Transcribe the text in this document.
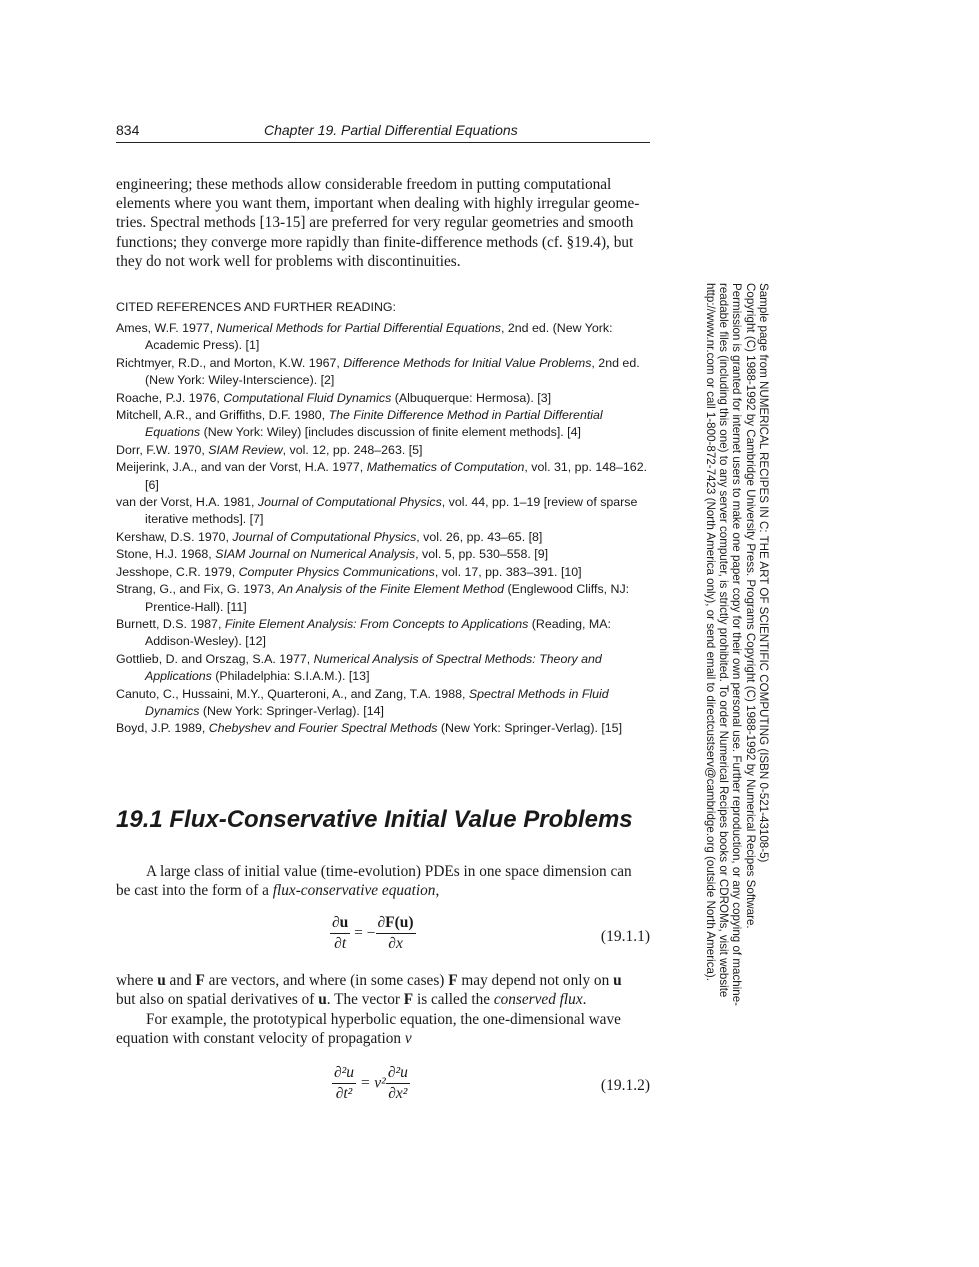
834	Chapter 19. Partial Differential Equations
engineering; these methods allow considerable freedom in putting computational
elements where you want them, important when dealing with highly irregular geome-
tries. Spectral methods [13-15] are preferred for very regular geometries and smooth
functions; they converge more rapidly than finite-difference methods (cf. §19.4), but
they do not work well for problems with discontinuities.
CITED REFERENCES AND FURTHER READING:
Ames, W.F. 1977, Numerical Methods for Partial Differential Equations, 2nd ed. (New York: Academic Press). [1]
Richtmyer, R.D., and Morton, K.W. 1967, Difference Methods for Initial Value Problems, 2nd ed. (New York: Wiley-Interscience). [2]
Roache, P.J. 1976, Computational Fluid Dynamics (Albuquerque: Hermosa). [3]
Mitchell, A.R., and Griffiths, D.F. 1980, The Finite Difference Method in Partial Differential Equations (New York: Wiley) [includes discussion of finite element methods]. [4]
Dorr, F.W. 1970, SIAM Review, vol. 12, pp. 248–263. [5]
Meijerink, J.A., and van der Vorst, H.A. 1977, Mathematics of Computation, vol. 31, pp. 148–162. [6]
van der Vorst, H.A. 1981, Journal of Computational Physics, vol. 44, pp. 1–19 [review of sparse iterative methods]. [7]
Kershaw, D.S. 1970, Journal of Computational Physics, vol. 26, pp. 43–65. [8]
Stone, H.J. 1968, SIAM Journal on Numerical Analysis, vol. 5, pp. 530–558. [9]
Jesshope, C.R. 1979, Computer Physics Communications, vol. 17, pp. 383–391. [10]
Strang, G., and Fix, G. 1973, An Analysis of the Finite Element Method (Englewood Cliffs, NJ: Prentice-Hall). [11]
Burnett, D.S. 1987, Finite Element Analysis: From Concepts to Applications (Reading, MA: Addison-Wesley). [12]
Gottlieb, D. and Orszag, S.A. 1977, Numerical Analysis of Spectral Methods: Theory and Applications (Philadelphia: S.I.A.M.). [13]
Canuto, C., Hussaini, M.Y., Quarteroni, A., and Zang, T.A. 1988, Spectral Methods in Fluid Dynamics (New York: Springer-Verlag). [14]
Boyd, J.P. 1989, Chebyshev and Fourier Spectral Methods (New York: Springer-Verlag). [15]
19.1 Flux-Conservative Initial Value Problems
A large class of initial value (time-evolution) PDEs in one space dimension can
be cast into the form of a flux-conservative equation,
$\frac{\partial u}{\partial t}$ = − $\frac{\partial F(u)}{\partial x}$	(19.1.1)
where u and F are vectors, and where (in some cases) F may depend not only on u
but also on spatial derivatives of u. The vector F is called the conserved flux.
For example, the prototypical hyperbolic equation, the one-dimensional wave
equation with constant velocity of propagation v
$\frac{\text{∂²u}}{\text{∂t²}} = v^2 \frac{\text{∂²u}}{\text{∂x²}}$	(19.1.2)
Sample page from NUMERICAL RECIPES IN C: THE ART OF SCIENTIFIC COMPUTING (ISBN 0-521-43108-5)
Copyright (C) 1988-1992 by Cambridge University Press. Programs Copyright (C) 1988-1992 by Numerical Recipes Software.
Permission is granted for internet users to make one paper copy for their own personal use. Further reproduction, or any copying of machine-
readable files (including this one) to any server computer, is strictly prohibited. To order Numerical Recipes books or CDROMs, visit website
http://www.nr.com or call 1-800-872-7423 (North America only), or send email to directcustserv@cambridge.org (outside North America).
